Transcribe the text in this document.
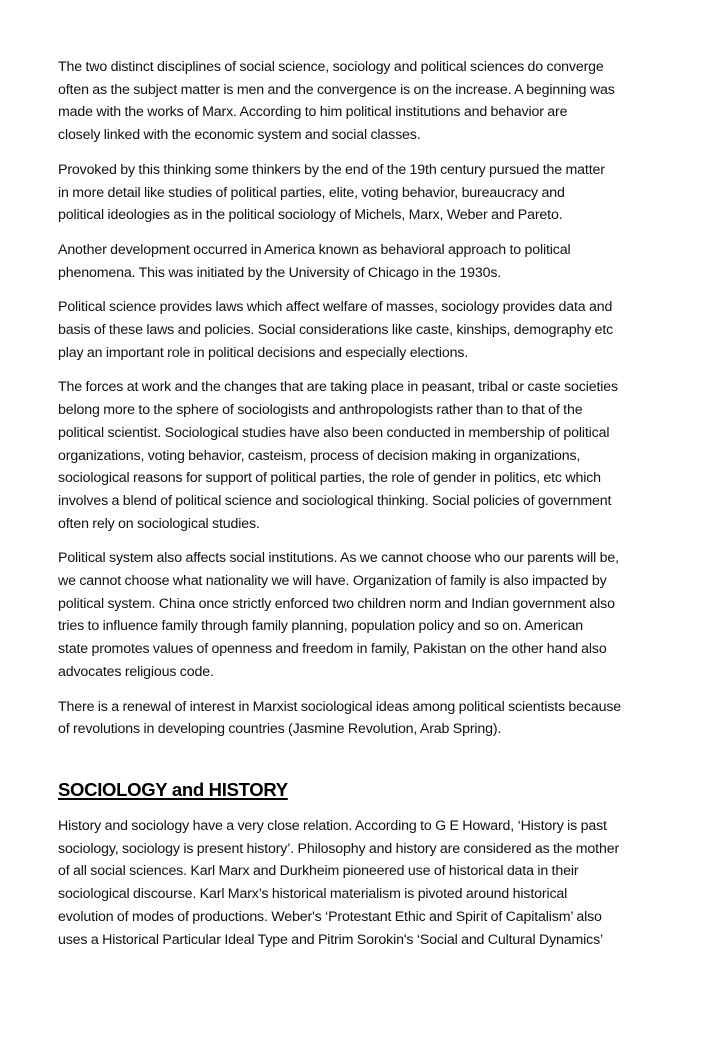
The two distinct disciplines of social science, sociology and political sciences do converge
often as the subject matter is men and the convergence is on the increase. A beginning was
made with the works of Marx. According to him political institutions and behavior are
closely linked with the economic system and social classes.

Provoked by this thinking some thinkers by the end of the 19th century pursued the matter
in more detail like studies of political parties, elite, voting behavior, bureaucracy and
political ideologies as in the political sociology of Michels, Marx, Weber and Pareto.

Another development occurred in America known as behavioral approach to political
phenomena. This was initiated by the University of Chicago in the 1930s.

Political science provides laws which affect welfare of masses, sociology provides data and
basis of these laws and policies. Social considerations like caste, kinships, demography etc
play an important role in political decisions and especially elections.

The forces at work and the changes that are taking place in peasant, tribal or caste societies
belong more to the sphere of sociologists and anthropologists rather than to that of the
political scientist. Sociological studies have also been conducted in membership of political
organizations, voting behavior, casteism, process of decision making in organizations,
sociological reasons for support of political parties, the role of gender in politics, etc which
involves a blend of political science and sociological thinking. Social policies of government
often rely on sociological studies.

Political system also affects social institutions. As we cannot choose who our parents will be,
we cannot choose what nationality we will have. Organization of family is also impacted by
political system. China once strictly enforced two children norm and Indian government also
tries to influence family through family planning, population policy and so on. American
state promotes values of openness and freedom in family, Pakistan on the other hand also
advocates religious code.

There is a renewal of interest in Marxist sociological ideas among political scientists because
of revolutions in developing countries (Jasmine Revolution, Arab Spring).

SOCIOLOGY and HISTORY

History and sociology have a very close relation. According to G E Howard, ‘History is past
sociology, sociology is present history’. Philosophy and history are considered as the mother
of all social sciences. Karl Marx and Durkheim pioneered use of historical data in their
sociological discourse. Karl Marx’s historical materialism is pivoted around historical
evolution of modes of productions. Weber's ‘Protestant Ethic and Spirit of Capitalism’ also
uses a Historical Particular Ideal Type and Pitrim Sorokin's ‘Social and Cultural Dynamics’
